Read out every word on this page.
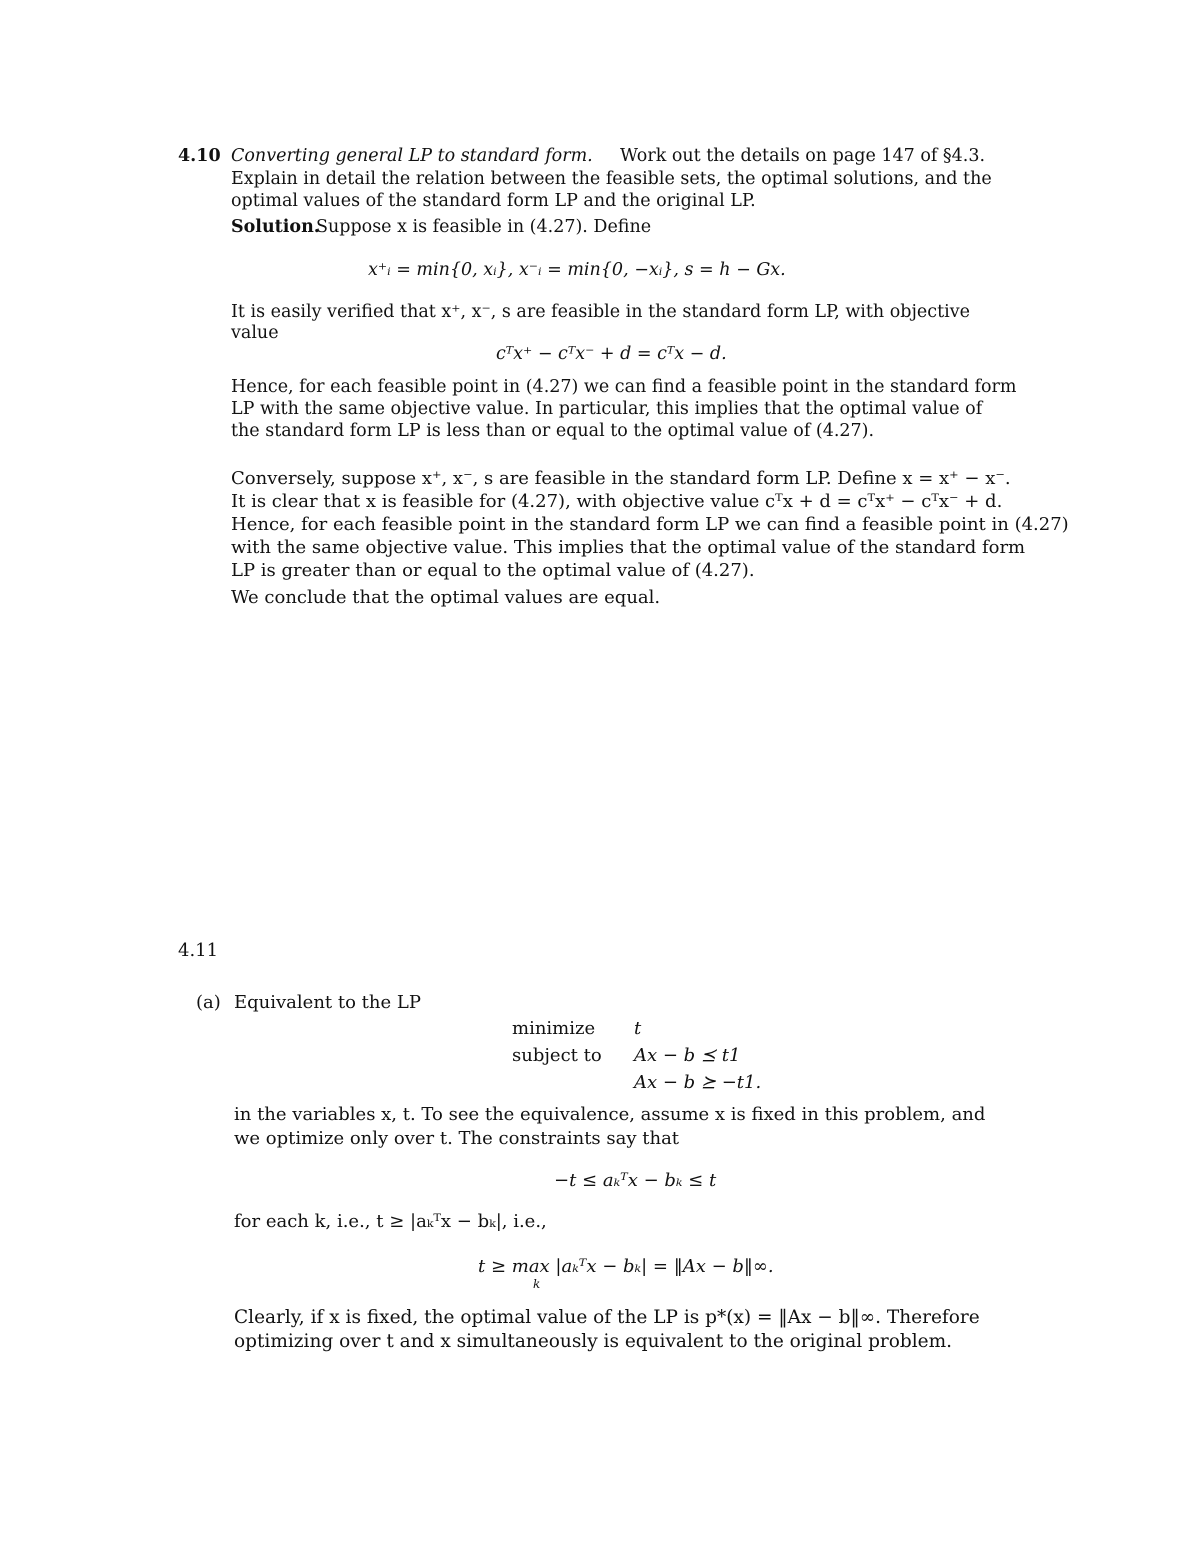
4.10 Converting general LP to standard form. Work out the details on page 147 of §4.3.
Explain in detail the relation between the feasible sets, the optimal solutions, and the
optimal values of the standard form LP and the original LP.
Solution.
Suppose x is feasible in (4.27). Define
x⁺ᵢ = min{0, xᵢ}, x⁻ᵢ = min{0, −xᵢ}, s = h − Gx.
It is easily verified that x⁺, x⁻, s are feasible in the standard form LP, with objective
value
cᵀx⁺ − cᵀx⁻ + d = cᵀx − d.
Hence, for each feasible point in (4.27) we can find a feasible point in the standard form
LP with the same objective value. In particular, this implies that the optimal value of
the standard form LP is less than or equal to the optimal value of (4.27).
Conversely, suppose x⁺, x⁻, s are feasible in the standard form LP. Define x = x⁺ − x⁻.
It is clear that x is feasible for (4.27), with objective value cᵀx + d = cᵀx⁺ − cᵀx⁻ + d.
Hence, for each feasible point in the standard form LP we can find a feasible point in (4.27)
with the same objective value. This implies that the optimal value of the standard form
LP is greater than or equal to the optimal value of (4.27).
We conclude that the optimal values are equal.
4.11
(a) Equivalent to the LP
minimize t
subject to Ax − b ⪯ t1
Ax − b ⪰ −t1.
in the variables x, t. To see the equivalence, assume x is fixed in this problem, and
we optimize only over t. The constraints say that
−t ≤ aₖᵀx − bₖ ≤ t
for each k, i.e., t ≥ |aₖᵀx − bₖ|, i.e.,
t ≥ max |aₖᵀx − bₖ| = ‖Ax − b‖∞.
k
Clearly, if x is fixed, the optimal value of the LP is p*(x) = ‖Ax − b‖∞. Therefore
optimizing over t and x simultaneously is equivalent to the original problem.
